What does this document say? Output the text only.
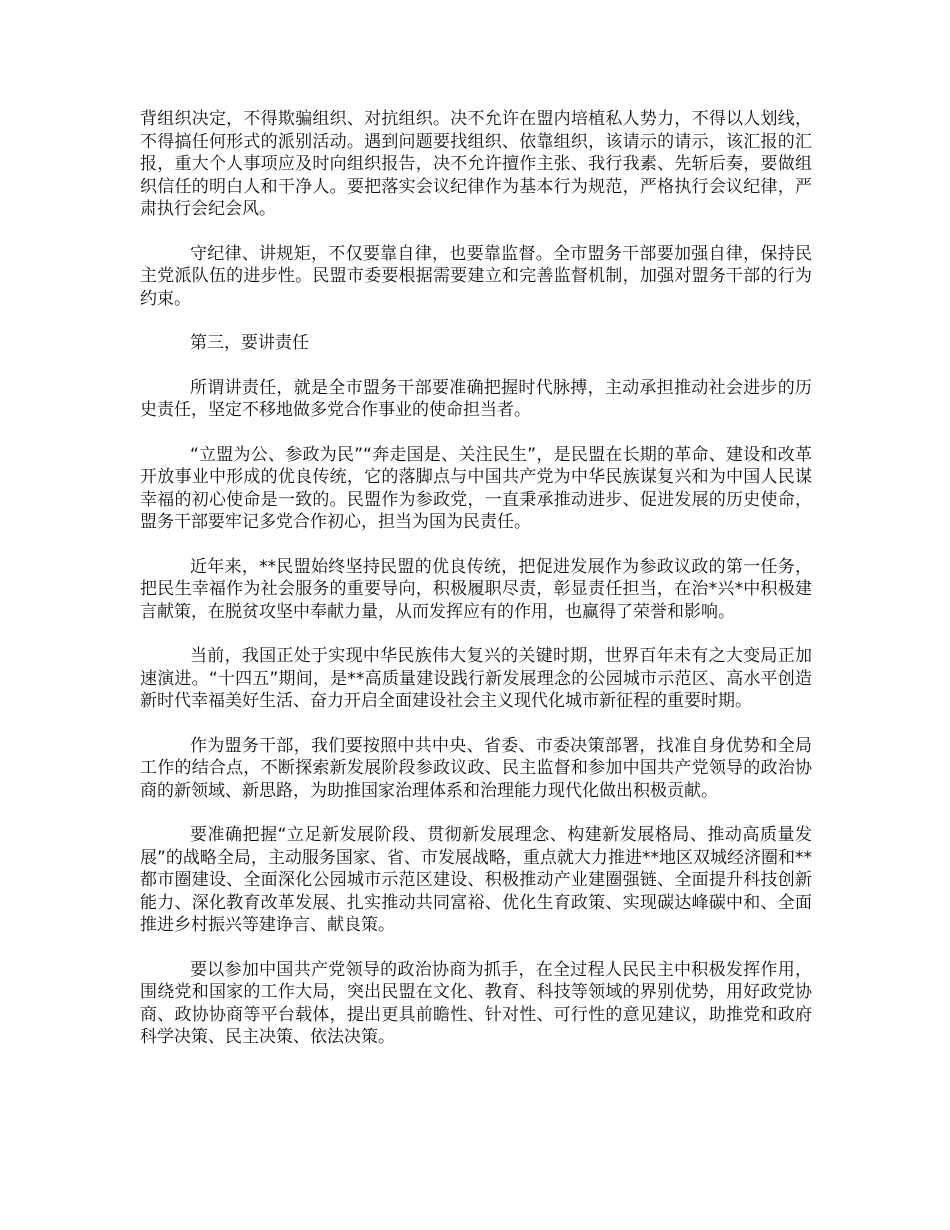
背组织决定，不得欺骗组织、对抗组织。决不允许在盟内培植私人势力，不得以人划线，不得搞任何形式的派别活动。遇到问题要找组织、依靠组织，该请示的请示，该汇报的汇报，重大个人事项应及时向组织报告，决不允许擅作主张、我行我素、先斩后奏，要做组织信任的明白人和干净人。要把落实会议纪律作为基本行为规范，严格执行会议纪律，严肃执行会纪会风。

守纪律、讲规矩，不仅要靠自律，也要靠监督。全市盟务干部要加强自律，保持民主党派队伍的进步性。民盟市委要根据需要建立和完善监督机制，加强对盟务干部的行为约束。

第三，要讲责任

所谓讲责任，就是全市盟务干部要准确把握时代脉搏，主动承担推动社会进步的历史责任，坚定不移地做多党合作事业的使命担当者。

“立盟为公、参政为民”“奔走国是、关注民生”，是民盟在长期的革命、建设和改革开放事业中形成的优良传统，它的落脚点与中国共产党为中华民族谋复兴和为中国人民谋幸福的初心使命是一致的。民盟作为参政党，一直秉承推动进步、促进发展的历史使命，盟务干部要牢记多党合作初心，担当为国为民责任。

近年来，**民盟始终坚持民盟的优良传统，把促进发展作为参政议政的第一任务，把民生幸福作为社会服务的重要导向，积极履职尽责，彰显责任担当，在治*兴*中积极建言献策，在脱贫攻坚中奉献力量，从而发挥应有的作用，也赢得了荣誉和影响。

当前，我国正处于实现中华民族伟大复兴的关键时期，世界百年未有之大变局正加速演进。“十四五”期间，是**高质量建设践行新发展理念的公园城市示范区、高水平创造新时代幸福美好生活、奋力开启全面建设社会主义现代化城市新征程的重要时期。

作为盟务干部，我们要按照中共中央、省委、市委决策部署，找准自身优势和全局工作的结合点，不断探索新发展阶段参政议政、民主监督和参加中国共产党领导的政治协商的新领域、新思路，为助推国家治理体系和治理能力现代化做出积极贡献。

要准确把握“立足新发展阶段、贯彻新发展理念、构建新发展格局、推动高质量发展”的战略全局，主动服务国家、省、市发展战略，重点就大力推进**地区双城经济圈和**都市圈建设、全面深化公园城市示范区建设、积极推动产业建圈强链、全面提升科技创新能力、深化教育改革发展、扎实推动共同富裕、优化生育政策、实现碳达峰碳中和、全面推进乡村振兴等建诤言、献良策。

要以参加中国共产党领导的政治协商为抓手，在全过程人民民主中积极发挥作用，围绕党和国家的工作大局，突出民盟在文化、教育、科技等领域的界别优势，用好政党协商、政协协商等平台载体，提出更具前瞻性、针对性、可行性的意见建议，助推党和政府科学决策、民主决策、依法决策。
